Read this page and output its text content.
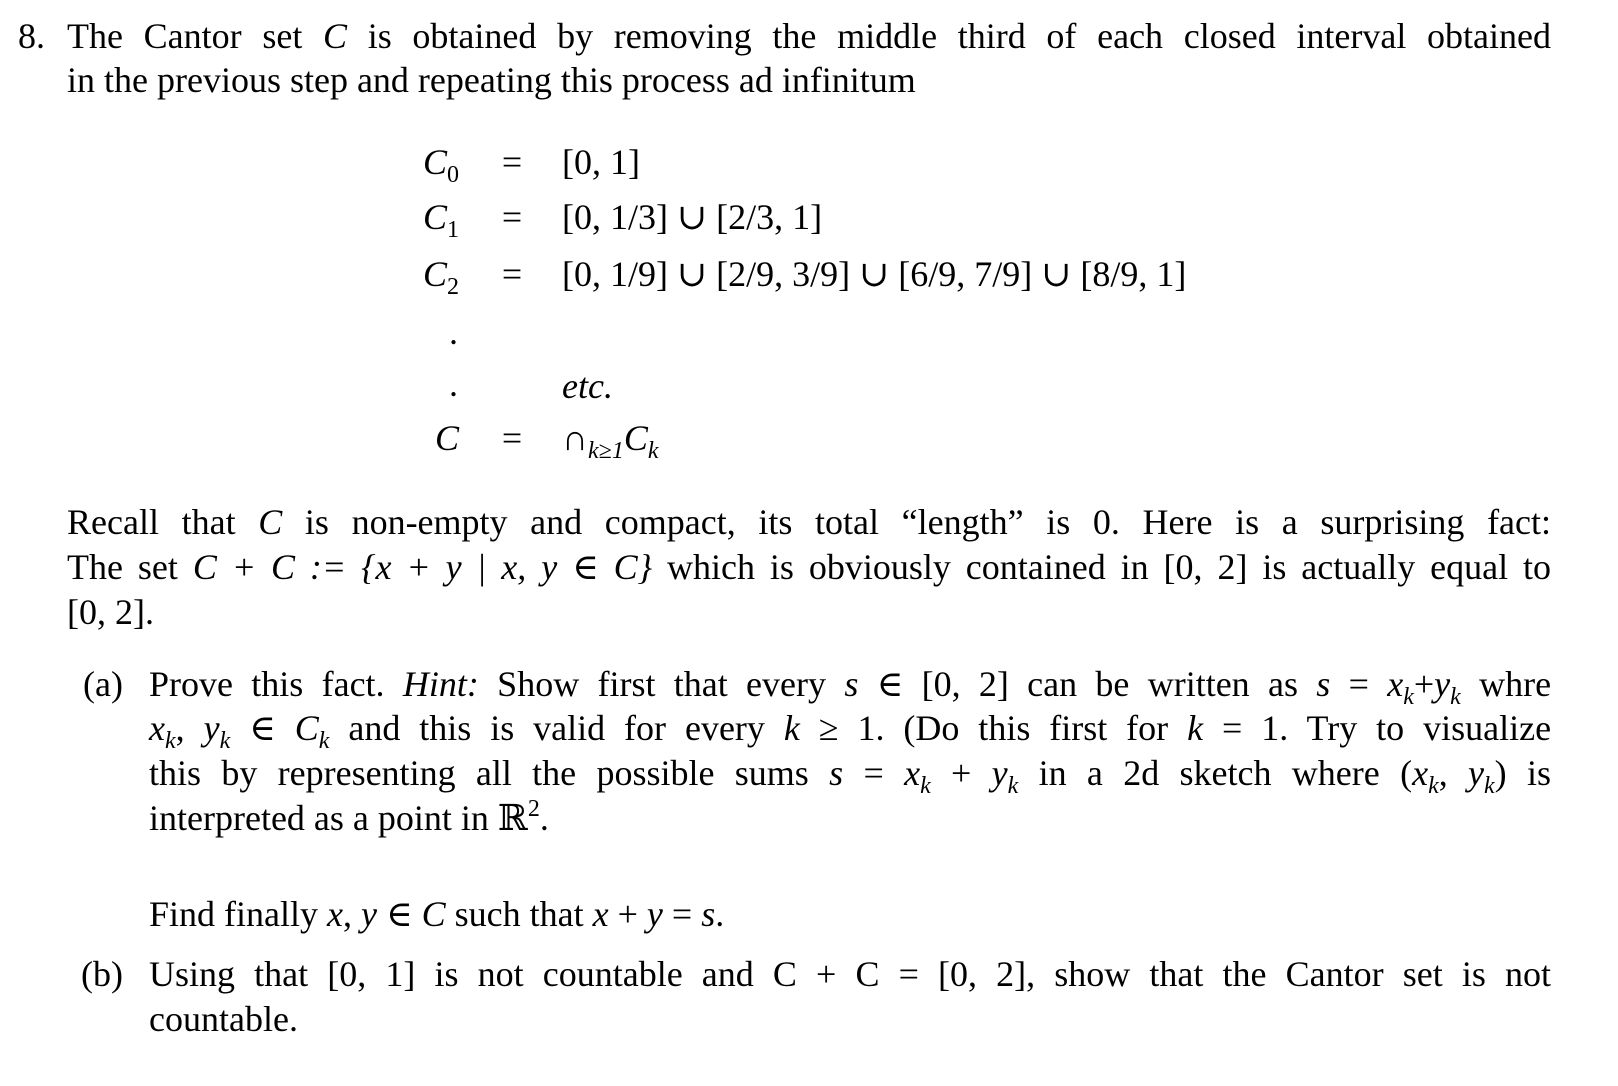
8. The Cantor set C is obtained by removing the middle third of each closed interval obtained
in the previous step and repeating this process ad infinitum
$C_0 = [0$, 1]
$C_1 = [0$, 1/3] ∪ [2/3, 1]
$C_2 = [0$, 1/9] ∪ [2/9, 3/9] ∪ [6/9, 7/9] ∪ [8/9, 1]
.
.	etc.
$C = \cap_{k\ge 1}C_k$
Recall that C is non-empty and compact, its total “length” is 0. Here is a surprising fact:
The set C + C := {x + y | x, y ∈ C} which is obviously contained in [0, 2] is actually equal to
[0, 2].
(a) Prove this fact. Hint: Show first that every s ∈ [0, 2] can be written as $s = x_k+y_k$ whre
$x_k$, $y_k$ ∈ $C_k$ and this is valid for every k ≥ 1. (Do this first for k = 1. Try to visualize
this by representing all the possible sums $s = x_k + y_k$ in a 2d sketch where ($x_k$, $y_k$) is
interpreted as a point in ℝ$^2$.
Find finally x, y ∈ C such that x + y = s.
(b) Using that [0, 1] is not countable and C + C = [0, 2], show that the Cantor set is not
countable.
